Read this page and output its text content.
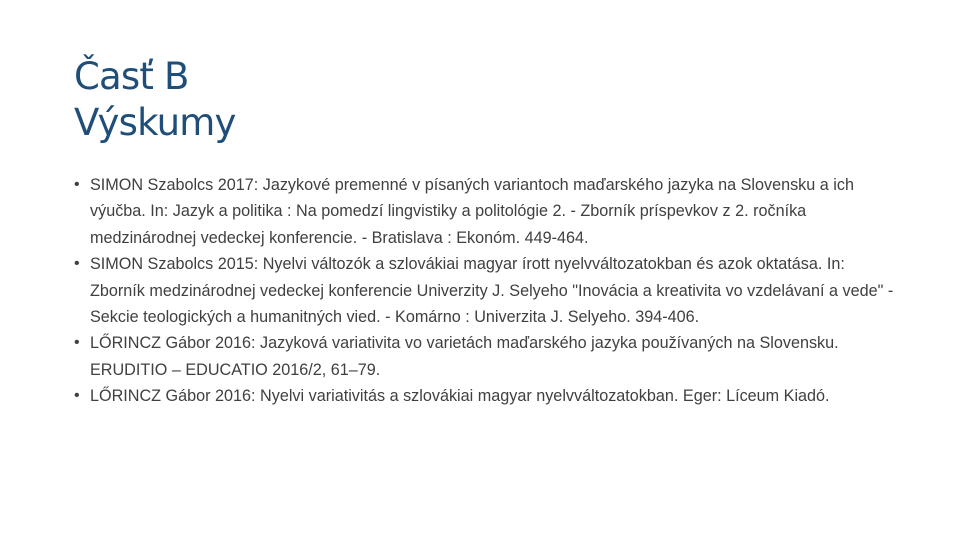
Časť B
Výskumy
• SIMON Szabolcs 2017: Jazykové premenné v písaných variantoch maďarského jazyka na Slovensku a ich výučba. In: Jazyk a politika : Na pomedzí lingvistiky a politológie 2. - Zborník príspevkov z 2. ročníka medzinárodnej vedeckej konferencie. - Bratislava : Ekonóm. 449-464.
• SIMON Szabolcs 2015: Nyelvi változók a szlovákiai magyar írott nyelvváltozatokban és azok oktatása. In: Zborník medzinárodnej vedeckej konferencie Univerzity J. Selyeho "Inovácia a kreativita vo vzdelávaní a vede" - Sekcie teologických a humanitných vied. - Komárno : Univerzita J. Selyeho. 394-406.
• LŐRINCZ Gábor 2016: Jazyková variativita vo varietách maďarského jazyka používaných na Slovensku. ERUDITIO – EDUCATIO 2016/2, 61–79.
• LŐRINCZ Gábor 2016: Nyelvi variativitás a szlovákiai magyar nyelvváltozatokban. Eger: Líceum Kiadó.
